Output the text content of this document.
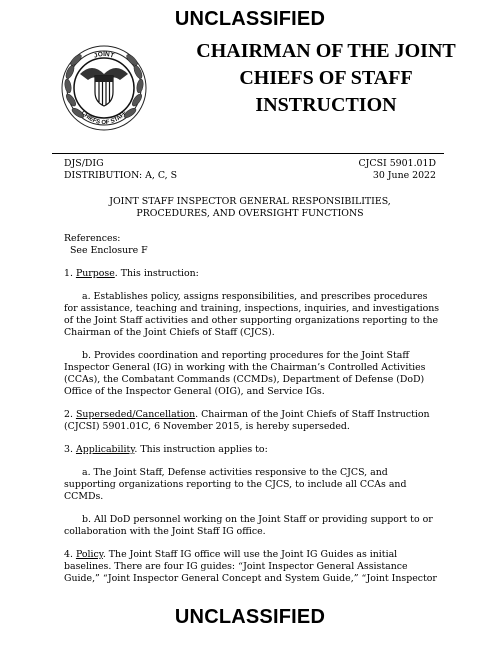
UNCLASSIFIED
JOINT
CHIEFS OF STAFF
CHAIRMAN OF THE JOINT
CHIEFS OF STAFF
INSTRUCTION
DJS/DIG
DISTRIBUTION: A, C, S
CJCSI 5901.01D
30 June 2022
JOINT STAFF INSPECTOR GENERAL RESPONSIBILITIES,
PROCEDURES, AND OVERSIGHT FUNCTIONS
References:
See Enclosure F
1. Purpose. This instruction:
a. Establishes policy, assigns responsibilities, and prescribes procedures
for assistance, teaching and training, inspections, inquiries, and investigations
of the Joint Staff activities and other supporting organizations reporting to the
Chairman of the Joint Chiefs of Staff (CJCS).
b. Provides coordination and reporting procedures for the Joint Staff
Inspector General (IG) in working with the Chairman’s Controlled Activities
(CCAs), the Combatant Commands (CCMDs), Department of Defense (DoD)
Office of the Inspector General (OIG), and Service IGs.
2. Superseded/Cancellation. Chairman of the Joint Chiefs of Staff Instruction
(CJCSI) 5901.01C, 6 November 2015, is hereby superseded.
3. Applicability. This instruction applies to:
a. The Joint Staff, Defense activities responsive to the CJCS, and
supporting organizations reporting to the CJCS, to include all CCAs and
CCMDs.
b. All DoD personnel working on the Joint Staff or providing support to or
collaboration with the Joint Staff IG office.
4. Policy. The Joint Staff IG office will use the Joint IG Guides as initial
baselines. There are four IG guides: “Joint Inspector General Assistance
Guide,” “Joint Inspector General Concept and System Guide,” “Joint Inspector
UNCLASSIFIED
